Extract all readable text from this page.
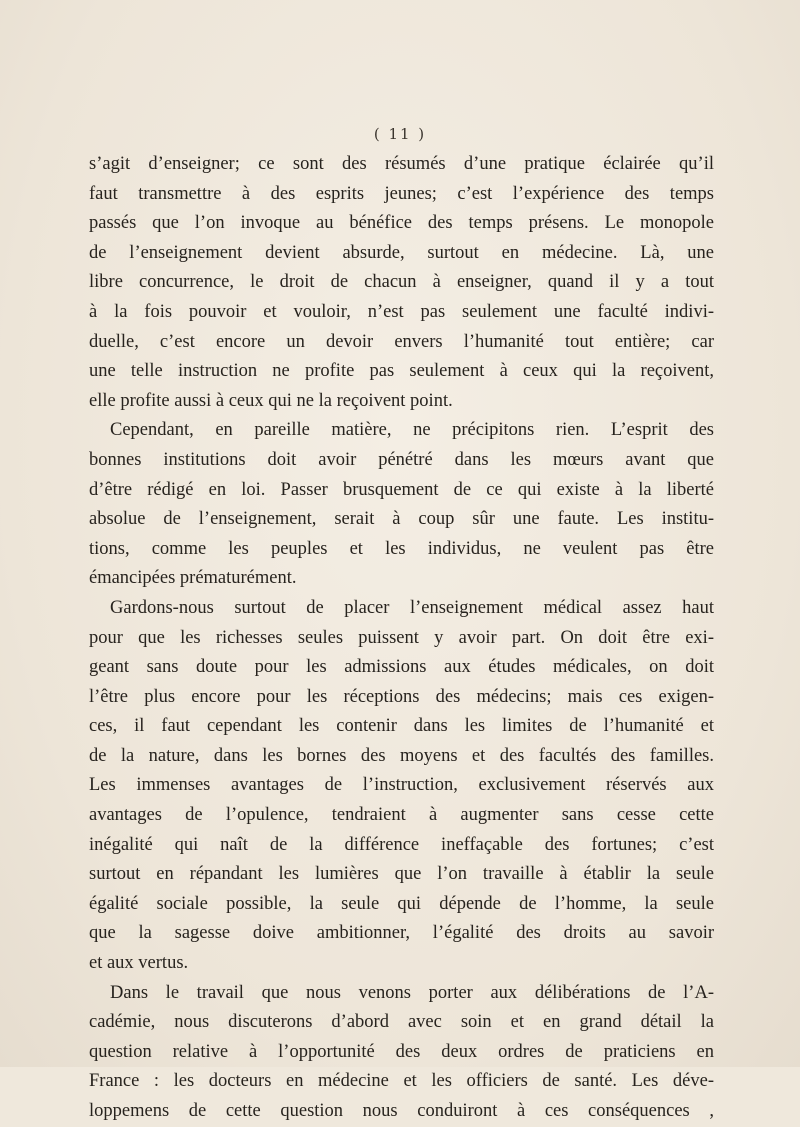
( 11 )
s’agit d’enseigner; ce sont des résumés d’une pratique éclairée qu’il
faut transmettre à des esprits jeunes; c’est l’expérience des temps
passés que l’on invoque au bénéfice des temps présens. Le monopole
de l’enseignement devient absurde, surtout en médecine. Là, une
libre concurrence, le droit de chacun à enseigner, quand il y a tout
à la fois pouvoir et vouloir, n’est pas seulement une faculté indivi-
duelle, c’est encore un devoir envers l’humanité tout entière; car
une telle instruction ne profite pas seulement à ceux qui la reçoivent,
elle profite aussi à ceux qui ne la reçoivent point.
Cependant, en pareille matière, ne précipitons rien. L’esprit des
bonnes institutions doit avoir pénétré dans les mœurs avant que
d’être rédigé en loi. Passer brusquement de ce qui existe à la liberté
absolue de l’enseignement, serait à coup sûr une faute. Les institu-
tions, comme les peuples et les individus, ne veulent pas être
émancipées prématurément.
Gardons-nous surtout de placer l’enseignement médical assez haut
pour que les richesses seules puissent y avoir part. On doit être exi-
geant sans doute pour les admissions aux études médicales, on doit
l’être plus encore pour les réceptions des médecins; mais ces exigen-
ces, il faut cependant les contenir dans les limites de l’humanité et
de la nature, dans les bornes des moyens et des facultés des familles.
Les immenses avantages de l’instruction, exclusivement réservés aux
avantages de l’opulence, tendraient à augmenter sans cesse cette
inégalité qui naît de la différence ineffaçable des fortunes; c’est
surtout en répandant les lumières que l’on travaille à établir la seule
égalité sociale possible, la seule qui dépende de l’homme, la seule
que la sagesse doive ambitionner, l’égalité des droits au savoir
et aux vertus.
Dans le travail que nous venons porter aux délibérations de l’A-
cadémie, nous discuterons d’abord avec soin et en grand détail la
question relative à l’opportunité des deux ordres de praticiens en
France : les docteurs en médecine et les officiers de santé. Les déve-
loppemens de cette question nous conduiront à ces conséquences ,
